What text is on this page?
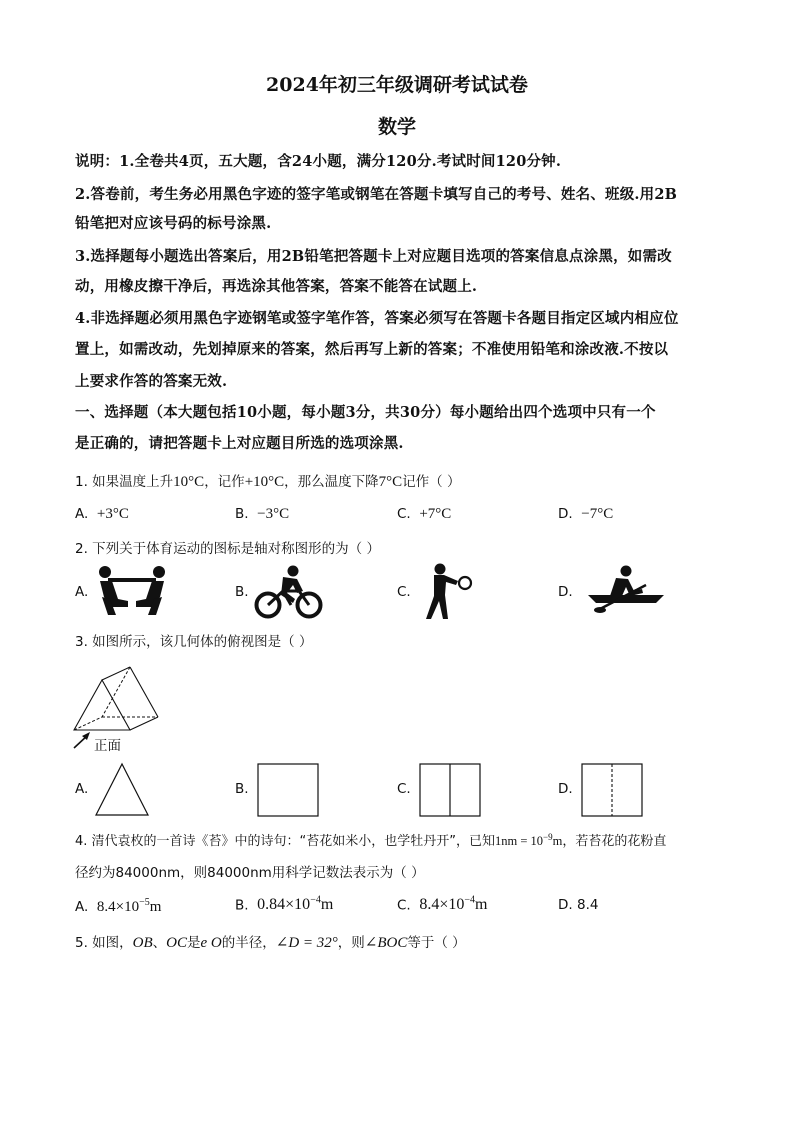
2024年初三年级调研考试试卷
数学
说明：1.全卷共4页，五大题，含24小题，满分120分.考试时间120分钟.
2.答卷前，考生务必用黑色字迹的签字笔或钢笔在答题卡填写自己的考号、姓名、班级.用2B
铅笔把对应该号码的标号涂黑.
3.选择题每小题选出答案后，用2B铅笔把答题卡上对应题目选项的答案信息点涂黑，如需改
动，用橡皮擦干净后，再选涂其他答案，答案不能答在试题上.
4.非选择题必须用黑色字迹钢笔或签字笔作答，答案必须写在答题卡各题目指定区域内相应位
置上，如需改动，先划掉原来的答案，然后再写上新的答案；不准使用铅笔和涂改液.不按以
上要求作答的答案无效.
一、选择题（本大题包括10小题，每小题3分，共30分）每小题给出四个选项中只有一个
是正确的，请把答题卡上对应题目所选的选项涂黑.
1. 如果温度上升10°C，记作+10°C，那么温度下降7°C记作（ ）
A. +3°C	B. −3°C	C. +7°C	D. −7°C
2. 下列关于体育运动的图标是轴对称图形的为（ ）
A.	B.	C.	D.
3. 如图所示，该几何体的俯视图是（ ）
正面
A.	B.	C.	D.
4. 清代袁枚的一首诗《苔》中的诗句：“苔花如米小，也学牡丹开”，已知$1nm = 10^{-9}m$，若苔花的花粉直
径约为84000nm，则84000nm用科学记数法表示为（ ）
A. $8.4\times 10^{-5}m$	B. $0.84\times 10^{-4}m$	C. $8.4\times 10^{-4}m$	D. 8.4
5. 如图，OB、OC是e O的半径，∠D = 32°，则∠BOC等于（ ）
